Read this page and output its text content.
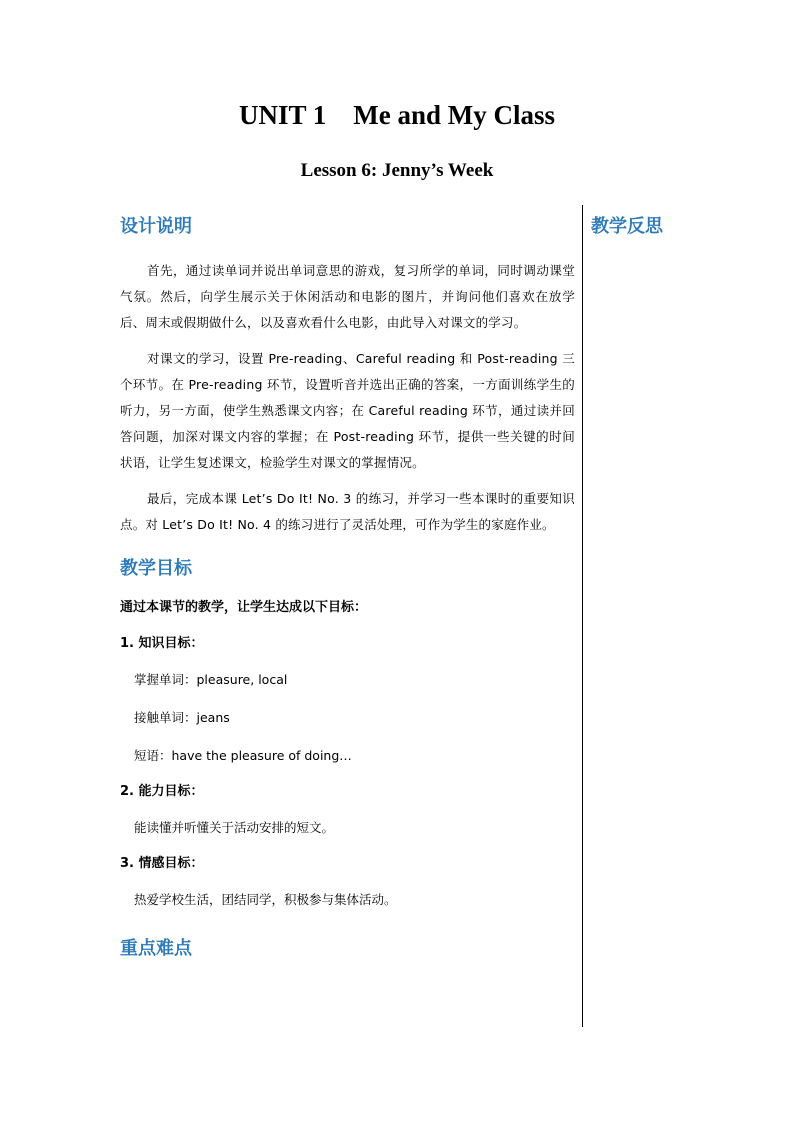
UNIT 1    Me and My Class
Lesson 6: Jenny’s Week
设计说明

首先，通过读单词并说出单词意思的游戏，复习所学的单词，同时调动课堂气氛。然后，向学生展示关于休闲活动和电影的图片，并询问他们喜欢在放学后、周末或假期做什么，以及喜欢看什么电影，由此导入对课文的学习。

对课文的学习，设置 Pre-reading、Careful reading 和 Post-reading 三个环节。在 Pre-reading 环节，设置听音并选出正确的答案，一方面训练学生的听力，另一方面，使学生熟悉课文内容；在 Careful reading 环节，通过读并回答问题，加深对课文内容的掌握；在 Post-reading 环节，提供一些关键的时间状语，让学生复述课文，检验学生对课文的掌握情况。

最后，完成本课 Let’s Do It! No. 3 的练习，并学习一些本课时的重要知识点。对 Let’s Do It! No. 4 的练习进行了灵活处理，可作为学生的家庭作业。

教学目标

通过本课节的教学，让学生达成以下目标：

1. 知识目标：

掌握单词：pleasure, local

接触单词：jeans

短语：have the pleasure of doing…

2. 能力目标：

能读懂并听懂关于活动安排的短文。

3. 情感目标：

热爱学校生活，团结同学，积极参与集体活动。

重点难点
教学反思
